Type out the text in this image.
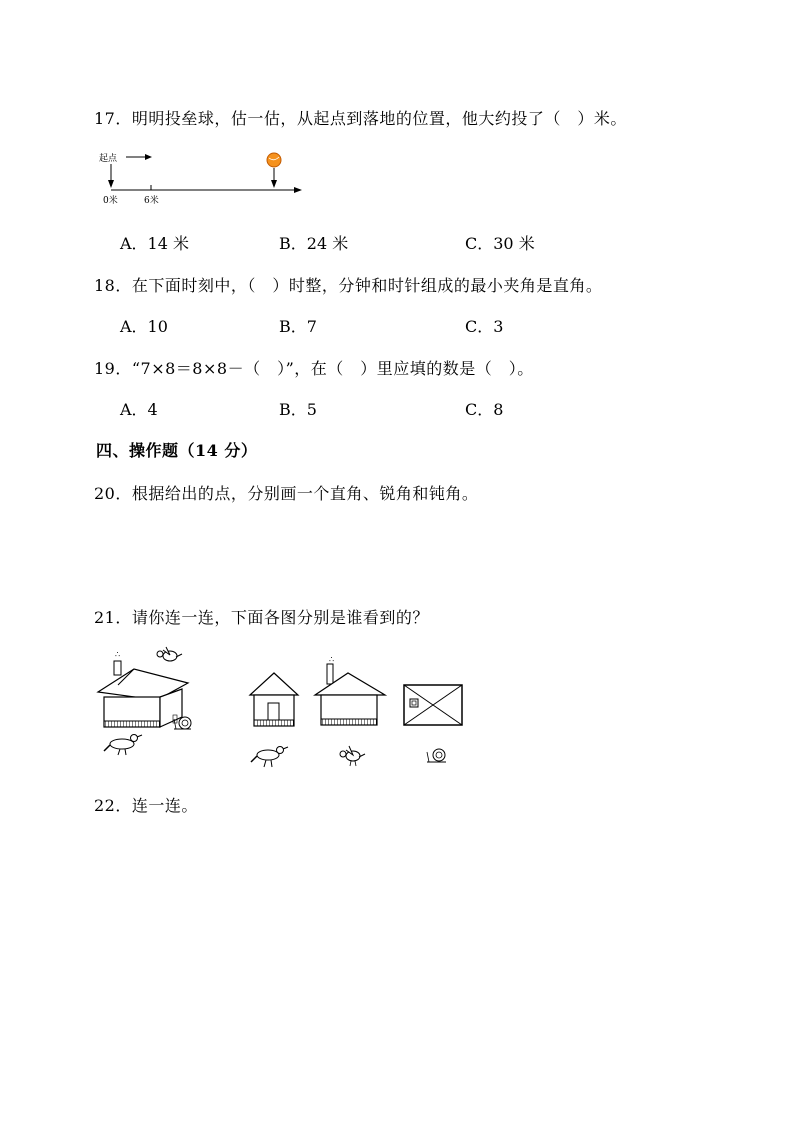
17．明明投垒球，估一估，从起点到落地的位置，他大约投了（　）米。
起点
0米	6米
A．14 米	B．24 米	C．30 米
18．在下面时刻中，（　）时整，分钟和时针组成的最小夹角是直角。
A．10	B．7	C．3
19．“7×8＝8×8－（　）”，在（　）里应填的数是（　）。
A．4	B．5	C．8
四、操作题（14 分）
20．根据给出的点，分别画一个直角、锐角和钝角。
21．请你连一连，下面各图分别是谁看到的？
∴
∴
22．连一连。
